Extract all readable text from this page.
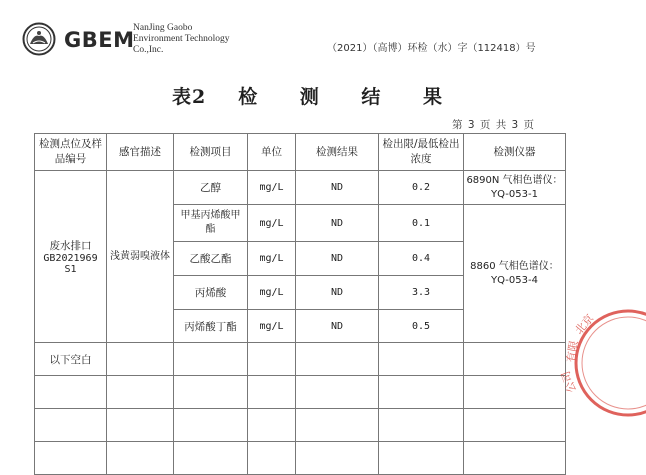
GBEM
NanJing Gaobo
Environment Technology
Co.,Inc.	（2021）（高博）环检（水）字（112418）号
表2 检 测 结 果
第 3 页 共 3 页
检测点位及样品编号	感官描述	检测项目	单位	检测结果	检出限/最低检出浓度	检测仪器

废水排口
GB2021969
S1	浅黄弱嗅液体	乙醇	mg/L	ND	0.2	6890N 气相色谱仪：YQ-053-1
		甲基丙烯酸甲酯	mg/L	ND	0.1	8860 气相色谱仪：YQ-053-4
		乙酸乙酯	mg/L	ND	0.4	
		丙烯酸	mg/L	ND	3.3	
		丙烯酸丁酯	mg/L	ND	0.5	
以下空白						

北京
有限
公司
